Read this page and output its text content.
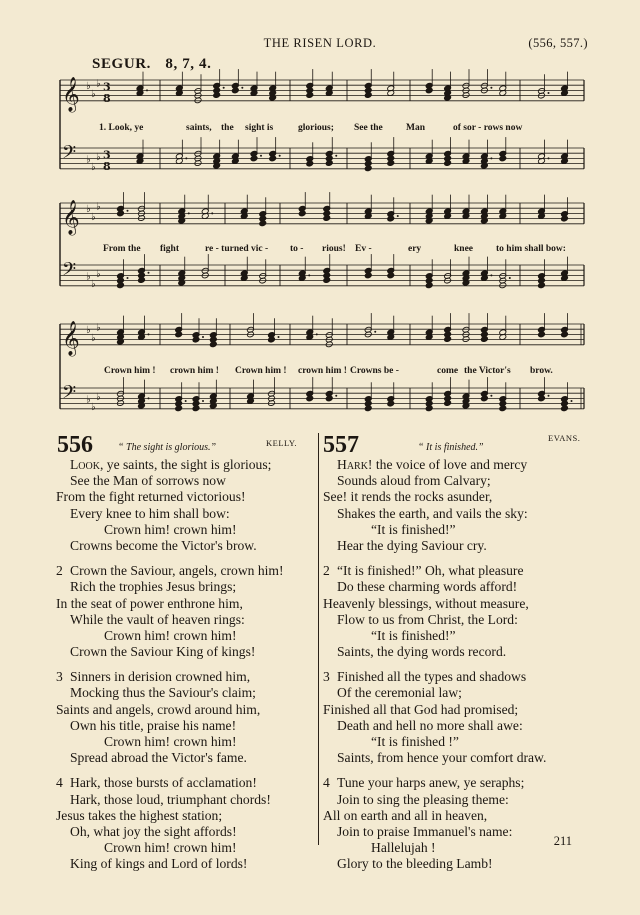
THE RISEN LORD.	(556, 557.)
SEGUR. 8, 7, 4.
𝄞 ♭
♭
♭ 3
8
𝄢 ♭
♭
♭ 3
8
𝄞 ♭
♭
♭
𝄢 ♭
♭
♭
𝄞 ♭
♭
♭
𝄢 ♭
♭
♭
1. Look, ye	saints, the sight is	glorious; See the Man	of sor - rows now
From the fight	re - turned vic - to - rious! Ev -	ery	knee to him shall bow:
Crown him ! crown him ! Crown him ! crown him ! Crowns be -	come the Victor's brow.
556	“ The sight is glorious.”	KELLY.
Look, ye saints, the sight is glorious;
See the Man of sorrows now
From the fight returned victorious!
Every knee to him shall bow:
Crown him! crown him!
Crowns become the Victor's brow.
2 Crown the Saviour, angels, crown him!
Rich the trophies Jesus brings;
In the seat of power enthrone him,
While the vault of heaven rings:
Crown him! crown him!
Crown the Saviour King of kings!
3 Sinners in derision crowned him,
Mocking thus the Saviour's claim;
Saints and angels, crowd around him,
Own his title, praise his name!
Crown him! crown him!
Spread abroad the Victor's fame.
4 Hark, those bursts of acclamation!
Hark, those loud, triumphant chords!
Jesus takes the highest station;
Oh, what joy the sight affords!
Crown him! crown him!
King of kings and Lord of lords!
557	“ It is finished.”
EVANS.
Hark! the voice of love and mercy
Sounds aloud from Calvary;
See! it rends the rocks asunder,
Shakes the earth, and vails the sky:
“It is finished!”
Hear the dying Saviour cry.
2 “It is finished!” Oh, what pleasure
Do these charming words afford!
Heavenly blessings, without measure,
Flow to us from Christ, the Lord:
“It is finished!”
Saints, the dying words record.
3 Finished all the types and shadows
Of the ceremonial law;
Finished all that God had promised;
Death and hell no more shall awe:
“It is finished !”
Saints, from hence your comfort draw.
4 Tune your harps anew, ye seraphs;
Join to sing the pleasing theme:
All on earth and all in heaven,
Join to praise Immanuel's name:
Hallelujah !
Glory to the bleeding Lamb!
211
